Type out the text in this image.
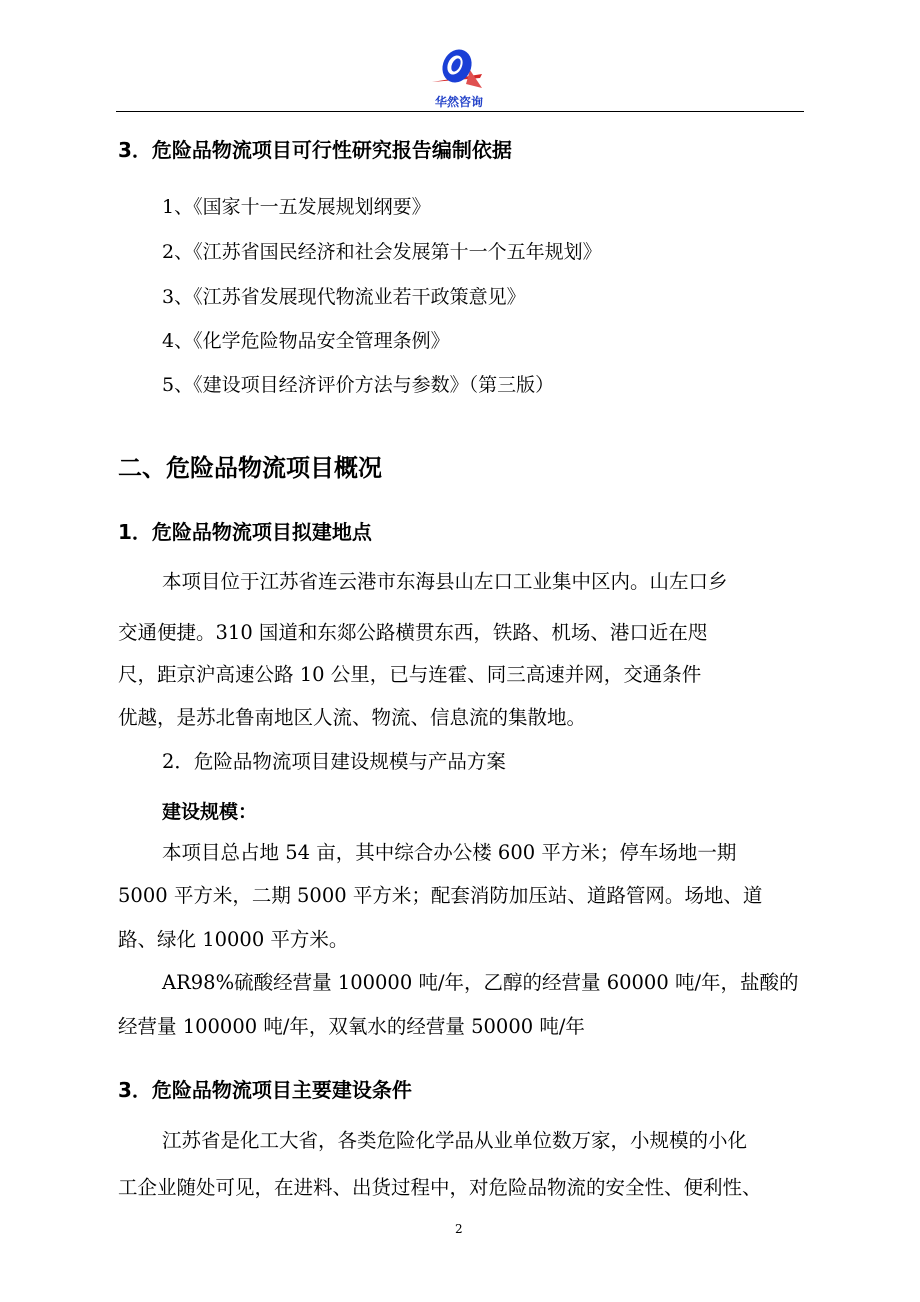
华然咨询
3．危险品物流项目可行性研究报告编制依据
1、《国家十一五发展规划纲要》
2、《江苏省国民经济和社会发展第十一个五年规划》
3、《江苏省发展现代物流业若干政策意见》
4、《化学危险物品安全管理条例》
5、《建设项目经济评价方法与参数》（第三版）
二、危险品物流项目概况
1．危险品物流项目拟建地点
本项目位于江苏省连云港市东海县山左口工业集中区内。山左口乡
交通便捷。310 国道和东郯公路横贯东西，铁路、机场、港口近在咫
尺，距京沪高速公路 10 公里，已与连霍、同三高速并网，交通条件
优越，是苏北鲁南地区人流、物流、信息流的集散地。
2．危险品物流项目建设规模与产品方案
建设规模：
本项目总占地 54 亩，其中综合办公楼 600 平方米；停车场地一期
5000 平方米，二期 5000 平方米；配套消防加压站、道路管网。场地、道
路、绿化 10000 平方米。
AR98%硫酸经营量 100000 吨/年，乙醇的经营量 60000 吨/年，盐酸的
经营量 100000 吨/年，双氧水的经营量 50000 吨/年
3．危险品物流项目主要建设条件
江苏省是化工大省，各类危险化学品从业单位数万家，小规模的小化
工企业随处可见，在进料、出货过程中，对危险品物流的安全性、便利性、
2
